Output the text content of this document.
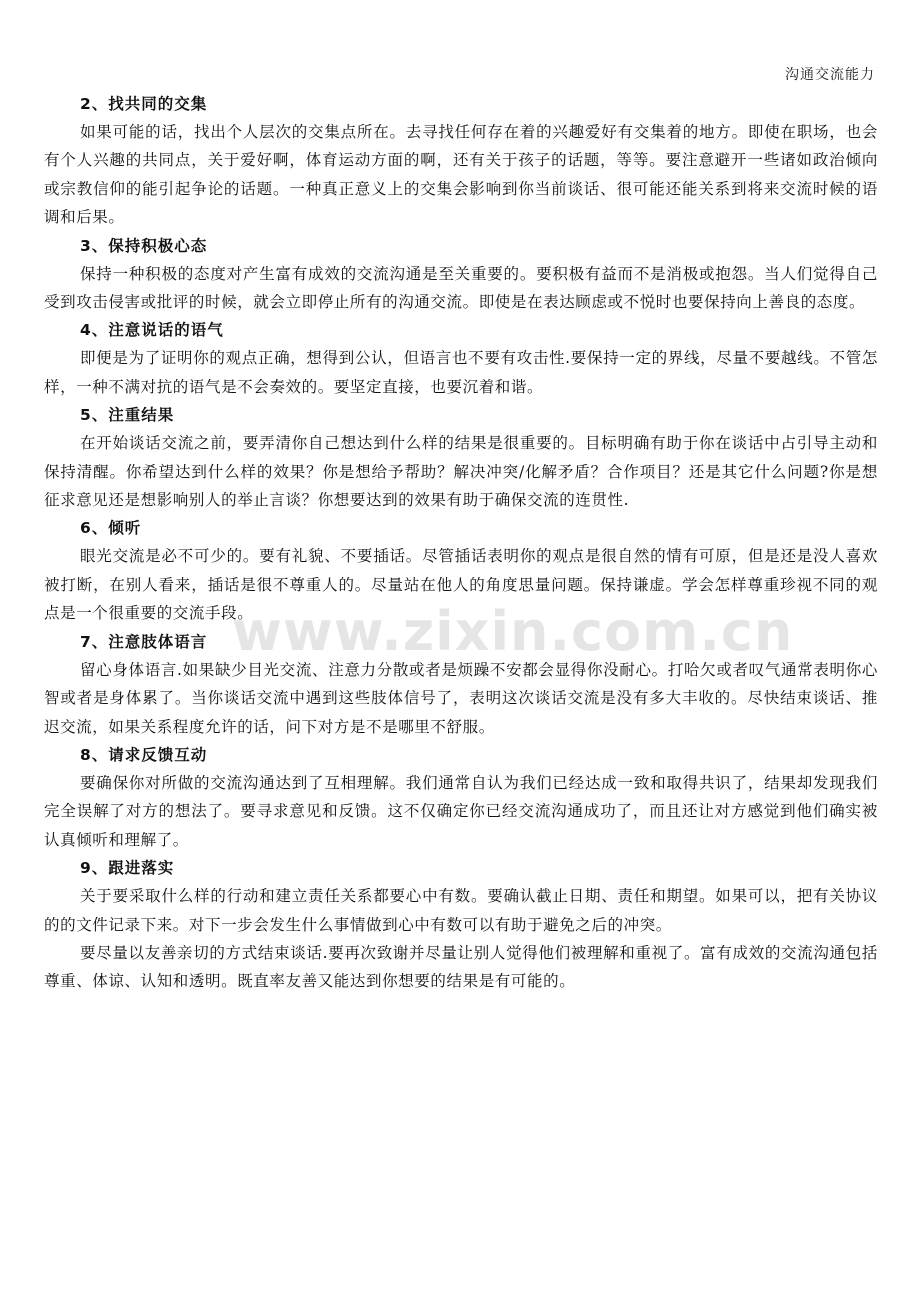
沟通交流能力
www.zixin.com.cn
2、找共同的交集

如果可能的话，找出个人层次的交集点所在。去寻找任何存在着的兴趣爱好有交集着的地方。即使在职场，也会有个人兴趣的共同点，关于爱好啊，体育运动方面的啊，还有关于孩子的话题，等等。要注意避开一些诸如政治倾向或宗教信仰的能引起争论的话题。一种真正意义上的交集会影响到你当前谈话、很可能还能关系到将来交流时候的语调和后果。

3、保持积极心态

保持一种积极的态度对产生富有成效的交流沟通是至关重要的。要积极有益而不是消极或抱怨。当人们觉得自己受到攻击侵害或批评的时候，就会立即停止所有的沟通交流。即使是在表达顾虑或不悦时也要保持向上善良的态度。

4、注意说话的语气

即便是为了证明你的观点正确，想得到公认，但语言也不要有攻击性.要保持一定的界线，尽量不要越线。不管怎样，一种不满对抗的语气是不会奏效的。要坚定直接，也要沉着和谐。

5、注重结果

在开始谈话交流之前，要弄清你自己想达到什么样的结果是很重要的。目标明确有助于你在谈话中占引导主动和保持清醒。你希望达到什么样的效果？你是想给予帮助？解决冲突/化解矛盾？合作项目？还是其它什么问题?你是想征求意见还是想影响别人的举止言谈？你想要达到的效果有助于确保交流的连贯性.

6、倾听

眼光交流是必不可少的。要有礼貌、不要插话。尽管插话表明你的观点是很自然的情有可原，但是还是没人喜欢被打断，在别人看来，插话是很不尊重人的。尽量站在他人的角度思量问题。保持谦虚。学会怎样尊重珍视不同的观点是一个很重要的交流手段。

7、注意肢体语言

留心身体语言.如果缺少目光交流、注意力分散或者是烦躁不安都会显得你没耐心。打哈欠或者叹气通常表明你心智或者是身体累了。当你谈话交流中遇到这些肢体信号了，表明这次谈话交流是没有多大丰收的。尽快结束谈话、推迟交流，如果关系程度允许的话，问下对方是不是哪里不舒服。

8、请求反馈互动

要确保你对所做的交流沟通达到了互相理解。我们通常自认为我们已经达成一致和取得共识了，结果却发现我们完全误解了对方的想法了。要寻求意见和反馈。这不仅确定你已经交流沟通成功了，而且还让对方感觉到他们确实被认真倾听和理解了。

9、跟进落实

关于要采取什么样的行动和建立责任关系都要心中有数。要确认截止日期、责任和期望。如果可以，把有关协议的的文件记录下来。对下一步会发生什么事情做到心中有数可以有助于避免之后的冲突。

要尽量以友善亲切的方式结束谈话.要再次致谢并尽量让别人觉得他们被理解和重视了。富有成效的交流沟通包括尊重、体谅、认知和透明。既直率友善又能达到你想要的结果是有可能的。
